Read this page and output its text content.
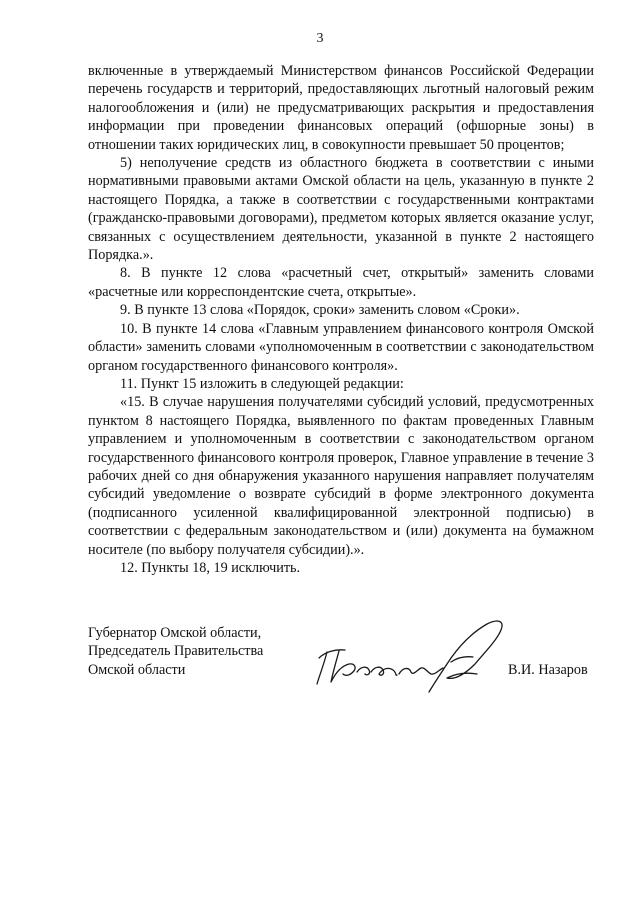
3

включенные в утверждаемый Министерством финансов Российской Федерации перечень государств и территорий, предоставляющих льготный налоговый режим налогообложения и (или) не предусматривающих раскрытия и предоставления информации при проведении финансовых операций (офшорные зоны) в отношении таких юридических лиц, в совокупности превышает 50 процентов;

5) неполучение средств из областного бюджета в соответствии с иными нормативными правовыми актами Омской области на цель, указанную в пункте 2 настоящего Порядка, а также в соответствии с государственными контрактами (гражданско-правовыми договорами), предметом которых является оказание услуг, связанных с осуществлением деятельности, указанной в пункте 2 настоящего Порядка.».

8. В пункте 12 слова «расчетный счет, открытый» заменить словами «расчетные или корреспондентские счета, открытые».

9. В пункте 13 слова «Порядок, сроки» заменить словом «Сроки».

10. В пункте 14 слова «Главным управлением финансового контроля Омской области» заменить словами «уполномоченным в соответствии с законодательством органом государственного финансового контроля».

11. Пункт 15 изложить в следующей редакции:

«15. В случае нарушения получателями субсидий условий, предусмотренных пунктом 8 настоящего Порядка, выявленного по фактам проведенных Главным управлением и уполномоченным в соответствии с законодательством органом государственного финансового контроля проверок, Главное управление в течение 3 рабочих дней со дня обнаружения указанного нарушения направляет получателям субсидий уведомление о возврате субсидий в форме электронного документа (подписанного усиленной квалифицированной электронной подписью) в соответствии с федеральным законодательством и (или) документа на бумажном носителе (по выбору получателя субсидии).».

12. Пункты 18, 19 исключить.

Губернатор Омской области,
Председатель Правительства
Омской области	В.И. Назаров
